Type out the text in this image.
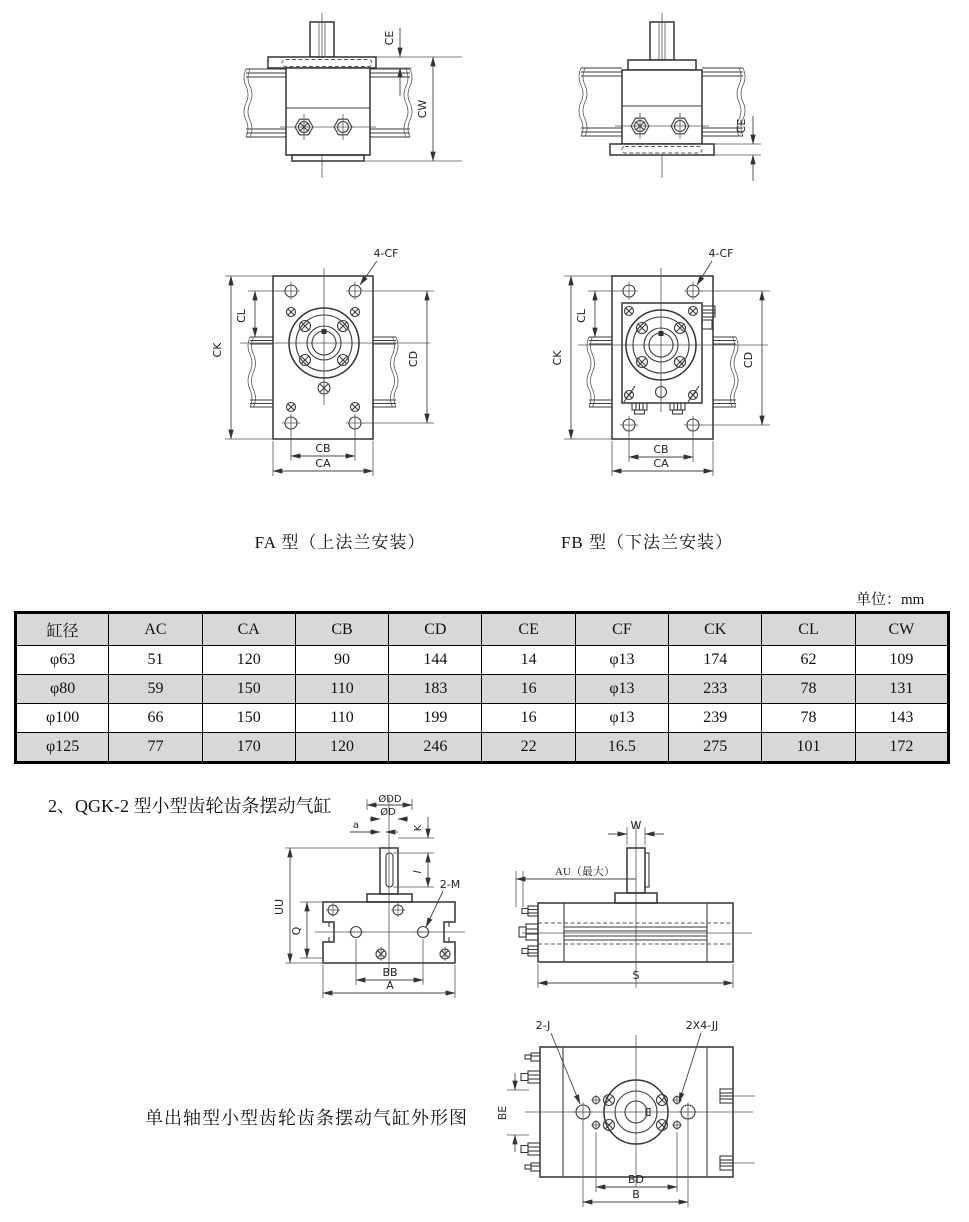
CE
CW
CE
CK
CL
CD
CB
CA
4-CF
CK
CL
CD
CB
CA
4-CF
FA 型（上法兰安装）	FB 型（下法兰安装）
单位：mm
缸径	AC	CA	CB	CD	CE	CF	CK	CL	CW
φ63	51	120	90	144	14	φ13	174	62	109
φ80	59	150	110	183	16	φ13	233	78	131
φ100	66	150	110	199	16	φ13	239	78	143
φ125	77	170	120	246	22	16.5	275	101	172
2、QGK-2 型小型齿轮齿条摆动气缸	ØDD
ØD
a	K
l
2-M
UU
Q
BB
A
W
AU（最大）
S
2-J	2X4-JJ
BE
BD
B
单出轴型小型齿轮齿条摆动气缸外形图
